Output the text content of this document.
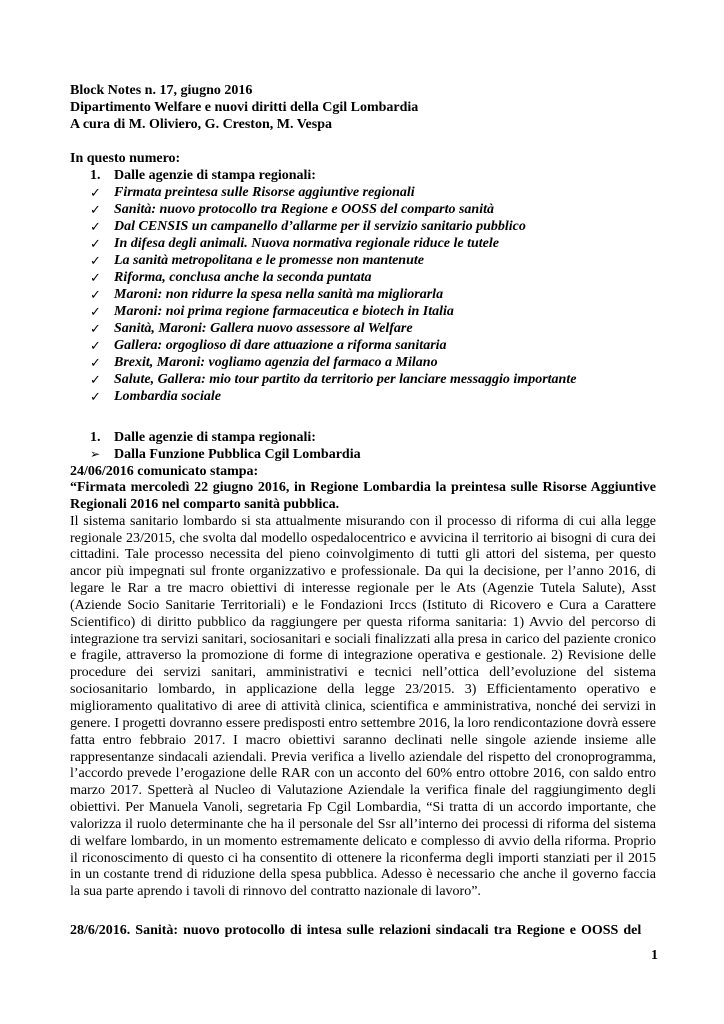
Block Notes n. 17, giugno 2016
Dipartimento Welfare e nuovi diritti della Cgil Lombardia
A cura di M. Oliviero, G. Creston, M. Vespa
In questo numero:
1. Dalle agenzie di stampa regionali:
✓ Firmata preintesa sulle Risorse aggiuntive regionali
✓ Sanità: nuovo protocollo tra Regione e OOSS del comparto sanità
✓ Dal CENSIS un campanello d’allarme per il servizio sanitario pubblico
✓ In difesa degli animali. Nuova normativa regionale riduce le tutele
✓ La sanità metropolitana e le promesse non mantenute
✓ Riforma, conclusa anche la seconda puntata
✓ Maroni: non ridurre la spesa nella sanità ma migliorarla
✓ Maroni: noi prima regione farmaceutica e biotech in Italia
✓ Sanità, Maroni: Gallera nuovo assessore al Welfare
✓ Gallera: orgoglioso di dare attuazione a riforma sanitaria
✓ Brexit, Maroni: vogliamo agenzia del farmaco a Milano
✓ Salute, Gallera: mio tour partito da territorio per lanciare messaggio importante
✓ Lombardia sociale
1. Dalle agenzie di stampa regionali:
➢ Dalla Funzione Pubblica Cgil Lombardia
24/06/2016 comunicato stampa:
“Firmata mercoledì 22 giugno 2016, in Regione Lombardia la preintesa sulle Risorse Aggiuntive Regionali 2016 nel comparto sanità pubblica.
Il sistema sanitario lombardo si sta attualmente misurando con il processo di riforma di cui alla legge regionale 23/2015, che svolta dal modello ospedalocentrico e avvicina il territorio ai bisogni di cura dei cittadini. Tale processo necessita del pieno coinvolgimento di tutti gli attori del sistema, per questo ancor più impegnati sul fronte organizzativo e professionale. Da qui la decisione, per l’anno 2016, di legare le Rar a tre macro obiettivi di interesse regionale per le Ats (Agenzie Tutela Salute), Asst (Aziende Socio Sanitarie Territoriali) e le Fondazioni Irccs (Istituto di Ricovero e Cura a Carattere Scientifico) di diritto pubblico da raggiungere per questa riforma sanitaria: 1) Avvio del percorso di integrazione tra servizi sanitari, sociosanitari e sociali finalizzati alla presa in carico del paziente cronico e fragile, attraverso la promozione di forme di integrazione operativa e gestionale. 2) Revisione delle procedure dei servizi sanitari, amministrativi e tecnici nell’ottica dell’evoluzione del sistema sociosanitario lombardo, in applicazione della legge 23/2015. 3) Efficientamento operativo e miglioramento qualitativo di aree di attività clinica, scientifica e amministrativa, nonché dei servizi in genere. I progetti dovranno essere predisposti entro settembre 2016, la loro rendicontazione dovrà essere fatta entro febbraio 2017. I macro obiettivi saranno declinati nelle singole aziende insieme alle rappresentanze sindacali aziendali. Previa verifica a livello aziendale del rispetto del cronoprogramma, l’accordo prevede l’erogazione delle RAR con un acconto del 60% entro ottobre 2016, con saldo entro marzo 2017. Spetterà al Nucleo di Valutazione Aziendale la verifica finale del raggiungimento degli obiettivi. Per Manuela Vanoli, segretaria Fp Cgil Lombardia, “Si tratta di un accordo importante, che valorizza il ruolo determinante che ha il personale del Ssr all’interno dei processi di riforma del sistema di welfare lombardo, in un momento estremamente delicato e complesso di avvio della riforma. Proprio il riconoscimento di questo ci ha consentito di ottenere la riconferma degli importi stanziati per il 2015 in un costante trend di riduzione della spesa pubblica. Adesso è necessario che anche il governo faccia la sua parte aprendo i tavoli di rinnovo del contratto nazionale di lavoro”.
28/6/2016. Sanità: nuovo protocollo di intesa sulle relazioni sindacali tra Regione e OOSS del
1
